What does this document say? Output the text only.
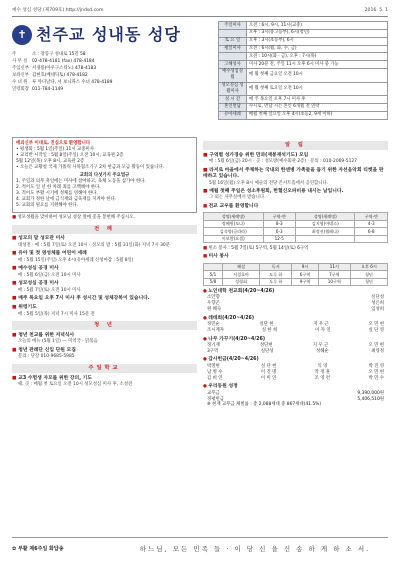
예수 성심 성당 (제709호) http://jndsd.com	2016. 5. 1
✝ 천주교 성내동 성당
주	소 : 강동구 성내로 15길 58
사 무 실	02-478-4181 (fax) 478-4184
주임신부 서경룡(아우구스티노) 478-4183
보좌신부 김현호(베네딕토) 478-4182
수 녀 원	루 까디날다, 서 보니파스 수녀 478-4189
연령회장 011-784-1149
주일미사	오전 : 6시, 9시, 11시(교중)
	오후 : 3시(중고등부), 6시(청년)
토 요 일	오후 : 3시(초등부), 6시
평일미사	오전 : 6시(월, 화, 수, 금)
	오전 : 10시(화 · 금), 오후 : 7시(목)
고해성사	미사 20분 전, 주일 11시 오후 6시 미사 중 가능
예수성심성월	매 월 첫째 금요일 오전 10시
성모성심 성월미사	매 월 첫째 토요일 오전 10시
성 시 간	매 주 목요일 오후 7시 미사 후
혼인면담	수시로, 면담 시는 혼인 6개월 전 연락
유아세례	매월 첫째 일요일 오후 4시(초등2, 9세 이하)
매괴신부 이대로, 진심으로 환영합니다
• 평생회 : 5월 1일(주일) 11시 교중미사
• 교리반 시작일 : 5월 8일(주일) 오전 10시, 교육관 2층
5월 12일(목) 오후 8시, 교육관 2층
• 오늘은 교황청 국제 가톨릭 사목협조기구 2차 헌금과 모금 활동이 있습니다.
교회의 다섯가지 주요법규
1. 주일과 의무 축일에는 미사에 참여하고, 육체 노동을 삼가야 한다.
2. 적어도 일 년 한 차례 죄를 고백해야 한다.
3. 적어도 부활 시기에 성체를 영해야 한다.
4. 교회가 정한 날에 금식재와 금육재를 지켜야 한다.
5. 교회의 필요를 지원해야 한다.
■ 성모성월을 맞이하여 성모님 성상 앞에 꽃을 봉헌해 주십시오.
전 례
■ 성모의 달 성모관 미사
대성전 · 매 : 5월 7일(토) 오전 10시 · 성모의 밤 : 5월 31일(화) 저녁 7시 30분
■ 유아 및 첫 영성체를 어린이 세례
매 : 5월 15일(주일) 오후 4시(유아세례 신청마감 : 5월 8일)
■ 예수성심 공경 미사
매 : 5월 6일(금) 오전 10시 미사
■ 성모성심 공경 미사
매 : 5월 7일(토) 오전 10시 미사
■ 매주 목요일 오후 7시 미사 후 성시간 및 성체강복이 있습니다.
■ 위령기도
매 : 5월 5일(목) 저녁 7시 미사 15분 전
청 년
■ 청년 천교를 위한 저녁식사
오늘의 메뉴 (5월 1일) — 미역국 · 닭볶음
■ 청년 관례단 신입 단원 모집
문의 : 단장 010-9685-5985
주일학교
■ 교3 수험생 자모를 위한 강의, 기도
때, 곳 : 매월 첫 토요일 오전 10시 성모성심 미사 후, 소성전
알 림
■ 구역별 성가경숭 위한 만과(재봉재석기도) 모임
매 : 5월 6일(금) 20시 · 곳 : 성모방(예수회관 2층) · 문의 : 010-2069-5127
■ 라저로 마을에서 주체하는 국내외 한센병 가족들을 돕기 위한 자선음악회 티켓을 판매하고 있습니다.
5월 16일(월) 오후 8시 예술의 전당 콘서트홀에서 공연합니다.
■ 매월 첫째 주일은 성소후원회, 헌혈신오파비용 내시는 날입니다.
그 외는 사무실에서 받습니다.
■ 전교 교우를 환영합니다
성명(세례명)	구역-반	성명(세례명)	구역-반
정혜원(도나)	8-3	김지영(아녜스)	4-3
김석양(글라라)	6-3	최정선(헬레나)	6-8
이보람(요셉)	12-5		
■ 헌소 봉사 : 5월 7일(토) 5구역, 5월 14일(토) 6구역
■ 미사 봉사
	해설	독서	9시	11시	오후 6시
5/1	서경호아	도루 하	6구역	7구역	청년
5/8	성령회	도루 하	9구역	10구역	청년
● 노인대학 천교회(4/20~4/26)
소안향	실단성
우향곤	성은희
원 혜숙	임성희
● 레데희(4/20~4/26)
정민순	실단 현	지 우 근	오 민 현
조시계자	실 한 희	이 자 연	실 단 영
● 나무 가꾸기(4/20~4/26)
정기재	성단현	지 우 근	오 민 현
3구역	실단성	성헤순	최영정
● 감사헌금(4/20~4/26)
박철현	실 단 현	익 영	박 진 영
남 병 수	이 진 명	작 정 훈	오 민 현
김 희 연	이 미 연	조 영 련	박 민 수
● 우리동원 성정
교무금	9,390,000원
정평헌금	5,406,510원
※ 현재 교무금 체벌률 : 총 2,088세대 중 867세대(41.5%)
✿ 부활 제6주일 화답송	하느님, 모든 민족 들 · 이 당 신 을 신 송 하 게 하 소 서.
